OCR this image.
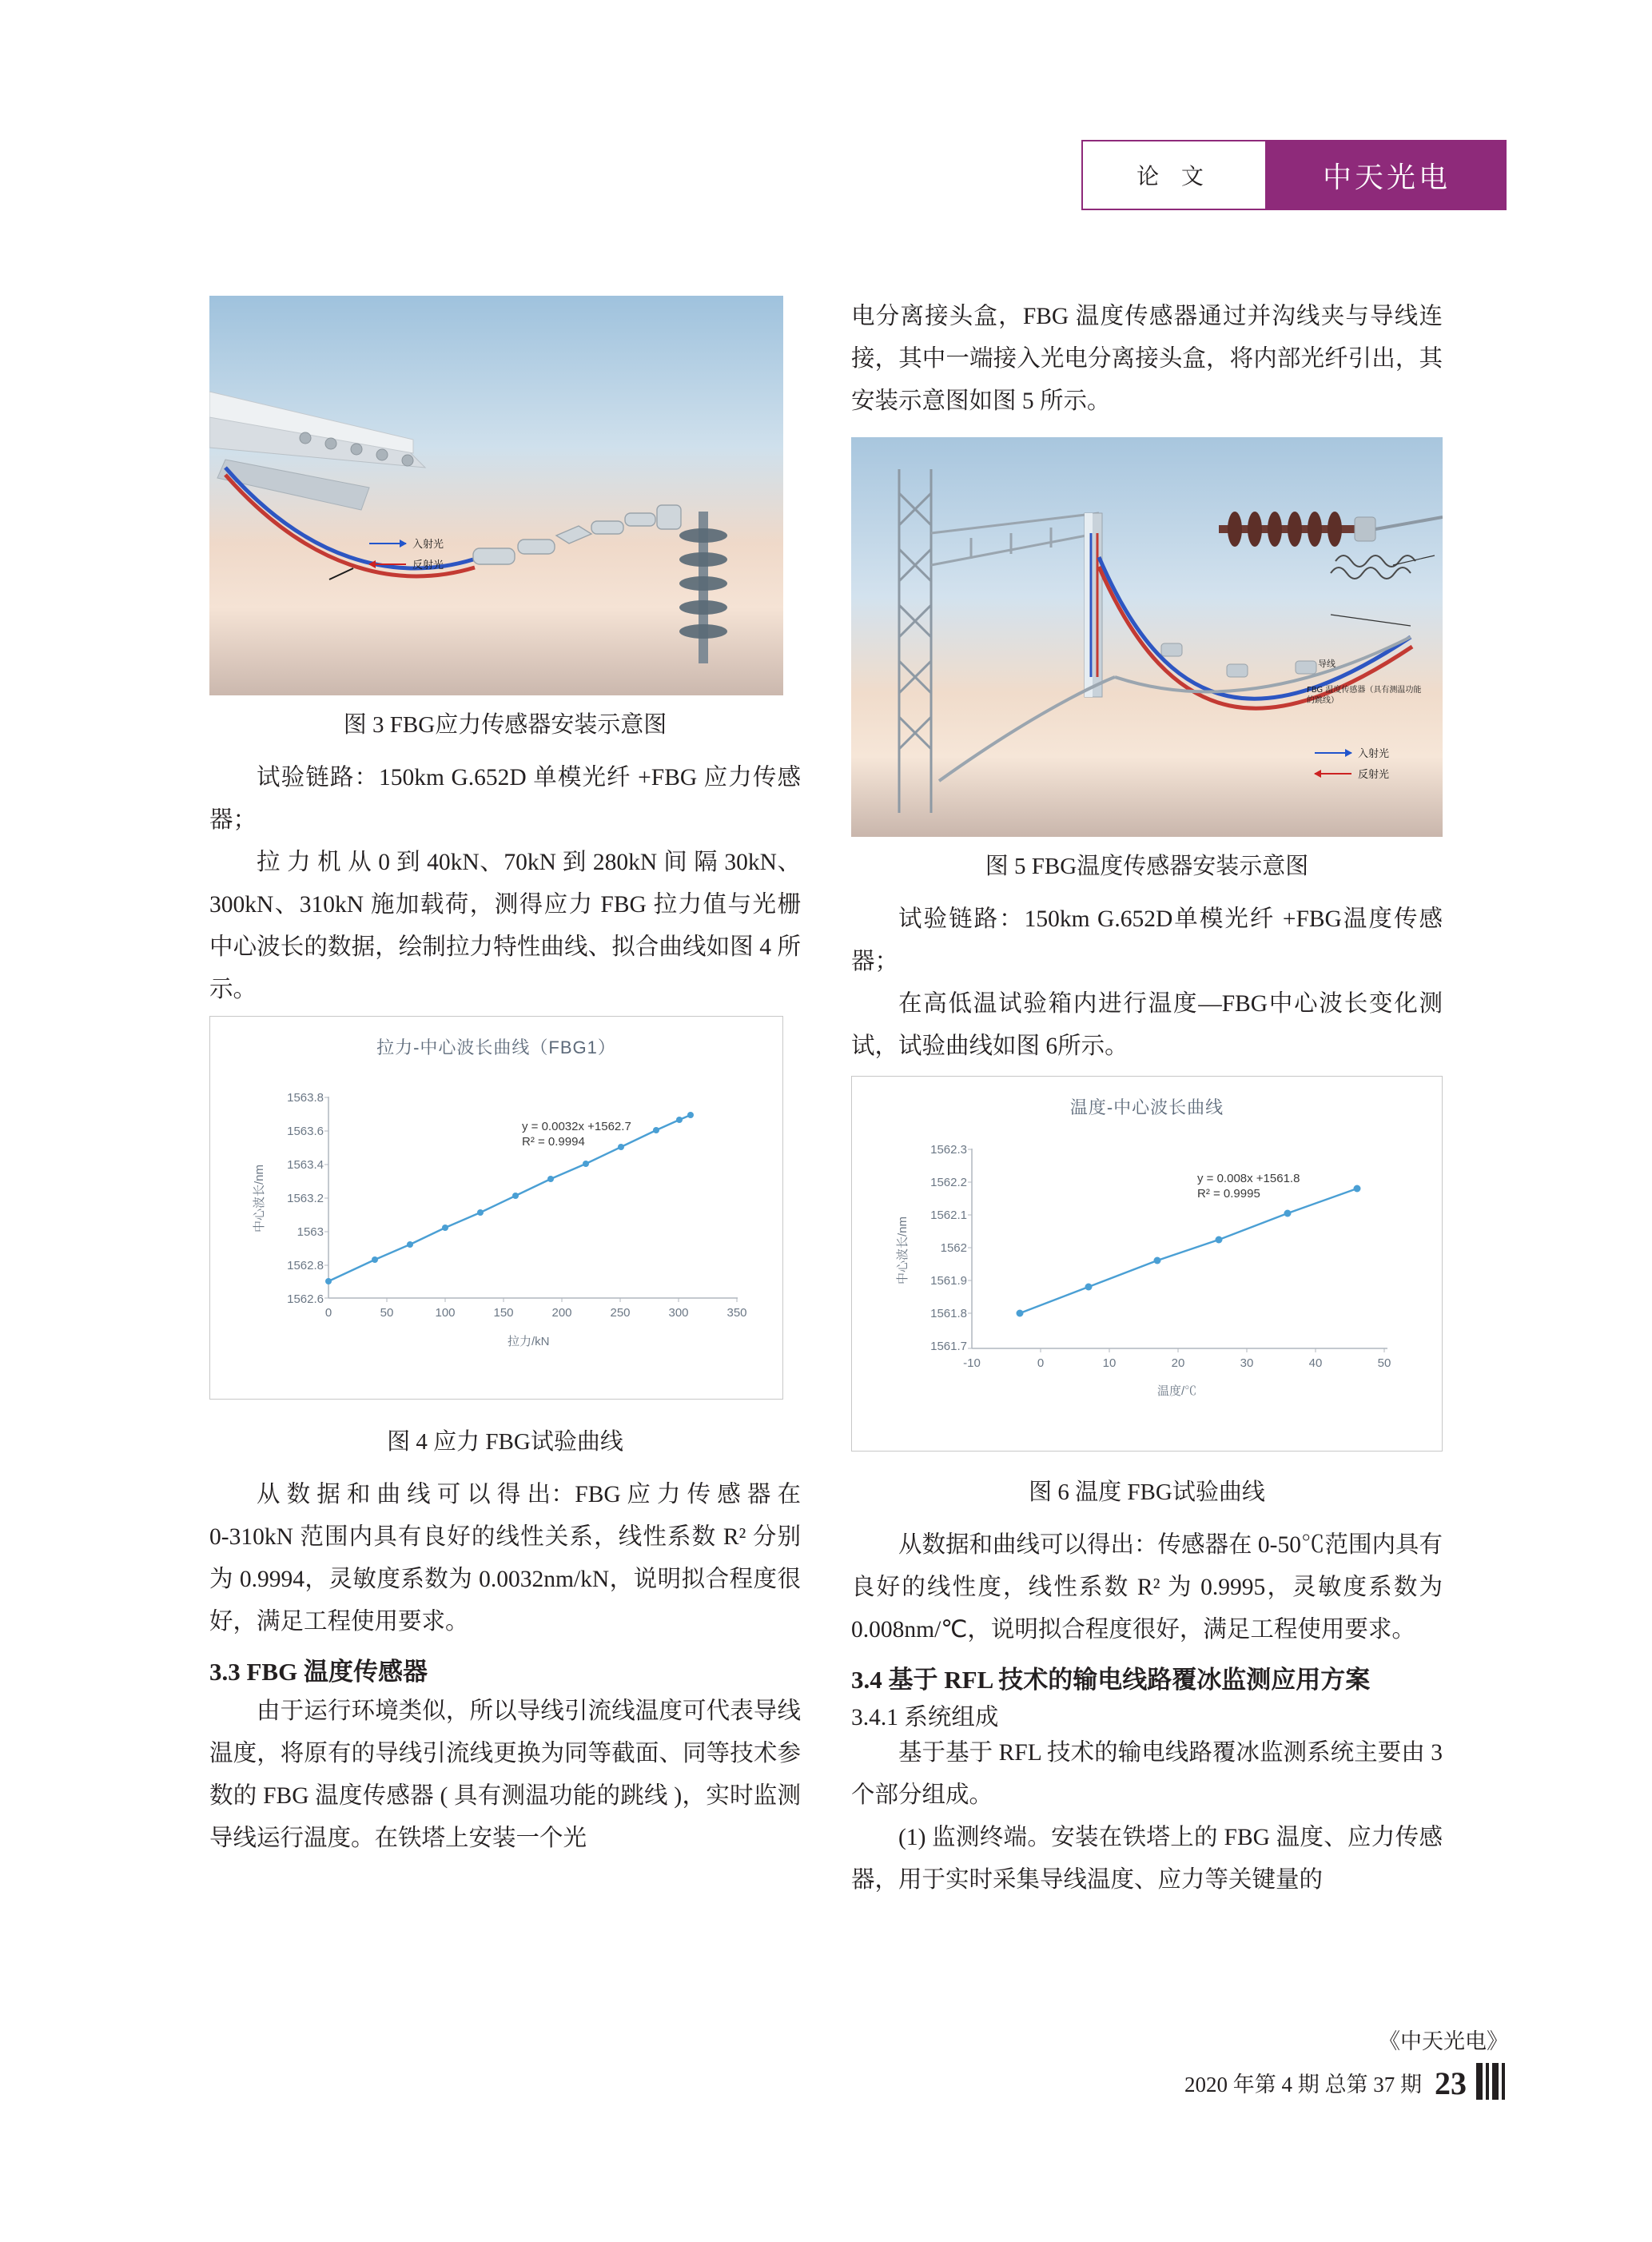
论 文	中天光电
入射光
反射光
图 3 FBG应力传感器安装示意图

试验链路：150km G.652D 单模光纤 +FBG 应力传感器；

拉 力 机 从 0 到 40kN、70kN 到 280kN 间 隔 30kN、300kN、310kN 施加载荷，测得应力 FBG 拉力值与光栅中心波长的数据，绘制拉力特性曲线、拟合曲线如图 4 所示。

拉力-中心波长曲线（FBG1）
1563.8
1563.6
1563.4
1563.2
1563
1562.8
1562.6
0	50	100	150	200	250	300	350
y = 0.0032x +1562.7
R² = 0.9994
中心波长/nm
拉力/kN
图 4 应力 FBG试验曲线

从 数 据 和 曲 线 可 以 得 出：FBG 应 力 传 感 器 在 0-310kN 范围内具有良好的线性关系，线性系数 R² 分别为 0.9994，灵敏度系数为 0.0032nm/kN，说明拟合程度很好，满足工程使用要求。

3.3 FBG 温度传感器

由于运行环境类似，所以导线引流线温度可代表导线温度，将原有的导线引流线更换为同等截面、同等技术参数的 FBG 温度传感器 ( 具有测温功能的跳线 )，实时监测导线运行温度。在铁塔上安装一个光

电分离接头盒，FBG 温度传感器通过并沟线夹与导线连接，其中一端接入光电分离接头盒，将内部光纤引出，其安装示意图如图 5 所示。

导线
FBG 温度传感器（具有测温功能的跳线）
入射光
反射光
图 5 FBG温度传感器安装示意图

试验链路：150km G.652D单模光纤 +FBG温度传感器；

在高低温试验箱内进行温度—FBG中心波长变化测试，试验曲线如图 6所示。

温度-中心波长曲线
1562.3
1562.2
1562.1
1562
1561.9
1561.8
1561.7
-10	0	10	20	30	40	50
y = 0.008x +1561.8
R² = 0.9995
中心波长/nm
温度/℃
图 6 温度 FBG试验曲线

从数据和曲线可以得出：传感器在 0-50℃范围内具有良好的线性度，线性系数 R² 为 0.9995，灵敏度系数为 0.008nm/℃，说明拟合程度很好，满足工程使用要求。

3.4 基于 RFL 技术的输电线路覆冰监测应用方案
3.4.1 系统组成

基于基于 RFL 技术的输电线路覆冰监测系统主要由 3 个部分组成。

(1) 监测终端。安装在铁塔上的 FBG 温度、应力传感器，用于实时采集导线温度、应力等关键量的

《中天光电》
2020 年第 4 期 总第 37 期 23
